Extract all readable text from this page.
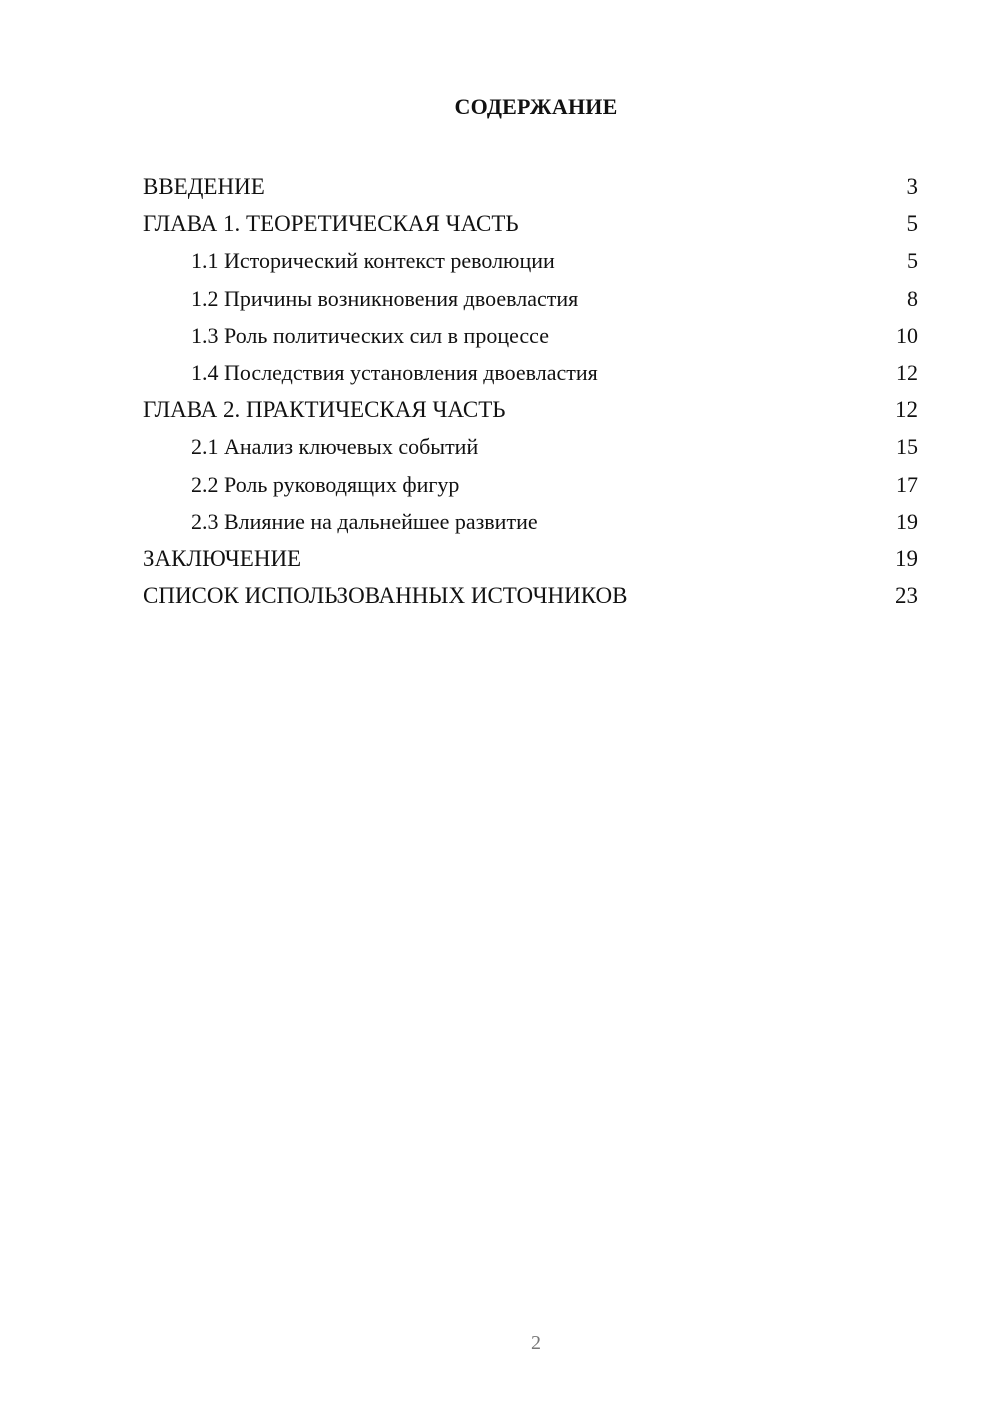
СОДЕРЖАНИЕ
ВВЕДЕНИЕ	3
ГЛАВА 1. ТЕОРЕТИЧЕСКАЯ ЧАСТЬ	5
1.1 Исторический контекст революции	5
1.2 Причины возникновения двоевластия	8
1.3 Роль политических сил в процессе	10
1.4 Последствия установления двоевластия	12
ГЛАВА 2. ПРАКТИЧЕСКАЯ ЧАСТЬ	12
2.1 Анализ ключевых событий	15
2.2 Роль руководящих фигур	17
2.3 Влияние на дальнейшее развитие	19
ЗАКЛЮЧЕНИЕ	19
СПИСОК ИСПОЛЬЗОВАННЫХ ИСТОЧНИКОВ	23
2
